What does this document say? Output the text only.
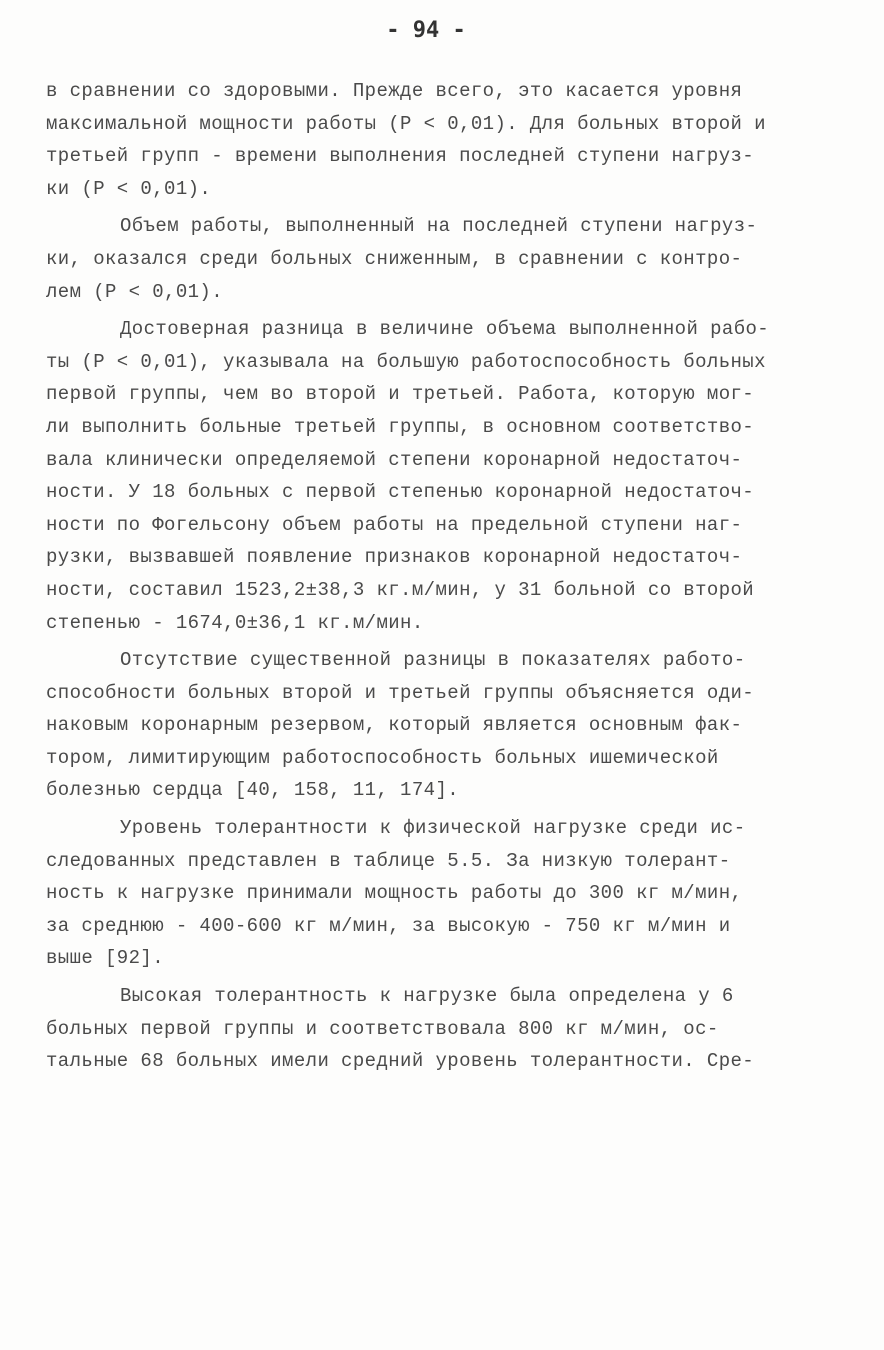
- 94 -
в сравнении со здоровыми. Прежде всего, это касается уровня
максимальной мощности работы (Р < 0,01). Для больных второй и
третьей групп - времени выполнения последней ступени нагруз-
ки (Р < 0,01).
Объем работы, выполненный на последней ступени нагруз-
ки, оказался среди больных сниженным, в сравнении с контро-
лем (Р < 0,01).
Достоверная разница в величине объема выполненной рабо-
ты (Р < 0,01), указывала на большую работоспособность больных
первой группы, чем во второй и третьей. Работа, которую мог-
ли выполнить больные третьей группы, в основном соответство-
вала клинически определяемой степени коронарной недостаточ-
ности. У 18 больных с первой степенью коронарной недостаточ-
ности по Фогельсону объем работы на предельной ступени наг-
рузки, вызвавшей появление признаков коронарной недостаточ-
ности, составил 1523,2±38,3 кг.м/мин, у 31 больной со второй
степенью - 1674,0±36,1 кг.м/мин.
Отсутствие существенной разницы в показателях работо-
способности больных второй и третьей группы объясняется оди-
наковым коронарным резервом, который является основным фак-
тором, лимитирующим работоспособность больных ишемической
болезнью сердца [40, 158, 11, 174].
Уровень толерантности к физической нагрузке среди ис-
следованных представлен в таблице 5.5. За низкую толерант-
ность к нагрузке принимали мощность работы до 300 кг м/мин,
за среднюю - 400-600 кг м/мин, за высокую - 750 кг м/мин и
выше [92].
Высокая толерантность к нагрузке была определена у 6
больных первой группы и соответствовала 800 кг м/мин, ос-
тальные 68 больных имели средний уровень толерантности. Сре-
